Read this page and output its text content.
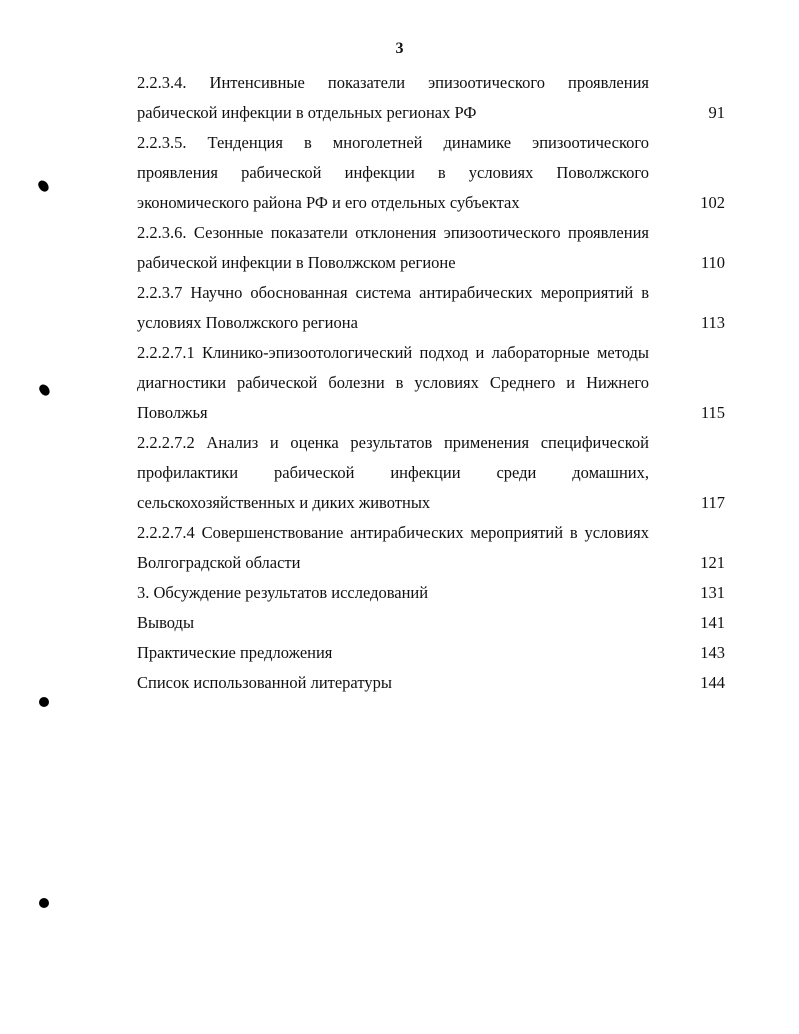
3
2.2.3.4. Интенсивные показатели эпизоотического проявления рабической инфекции в отдельных регионах РФ	91
2.2.3.5. Тенденция в многолетней динамике эпизоотического проявления рабической инфекции в условиях Поволжского экономического района РФ и его отдельных субъектах	102
2.2.3.6. Сезонные показатели отклонения эпизоотического проявления рабической инфекции в Поволжском регионе	110
2.2.3.7 Научно обоснованная система антирабических мероприятий в условиях Поволжского региона	113
2.2.2.7.1 Клинико-эпизоотологический подход и лабораторные методы диагностики рабической болезни в условиях Среднего и Нижнего Поволжья	115
2.2.2.7.2 Анализ и оценка результатов применения специфической профилактики рабической инфекции среди домашних, сельскохозяйственных и диких животных	117
2.2.2.7.4 Совершенствование антирабических мероприятий в условиях Волгоградской области	121
3. Обсуждение результатов исследований	131
Выводы	141
Практические предложения	143
Список использованной литературы	144
